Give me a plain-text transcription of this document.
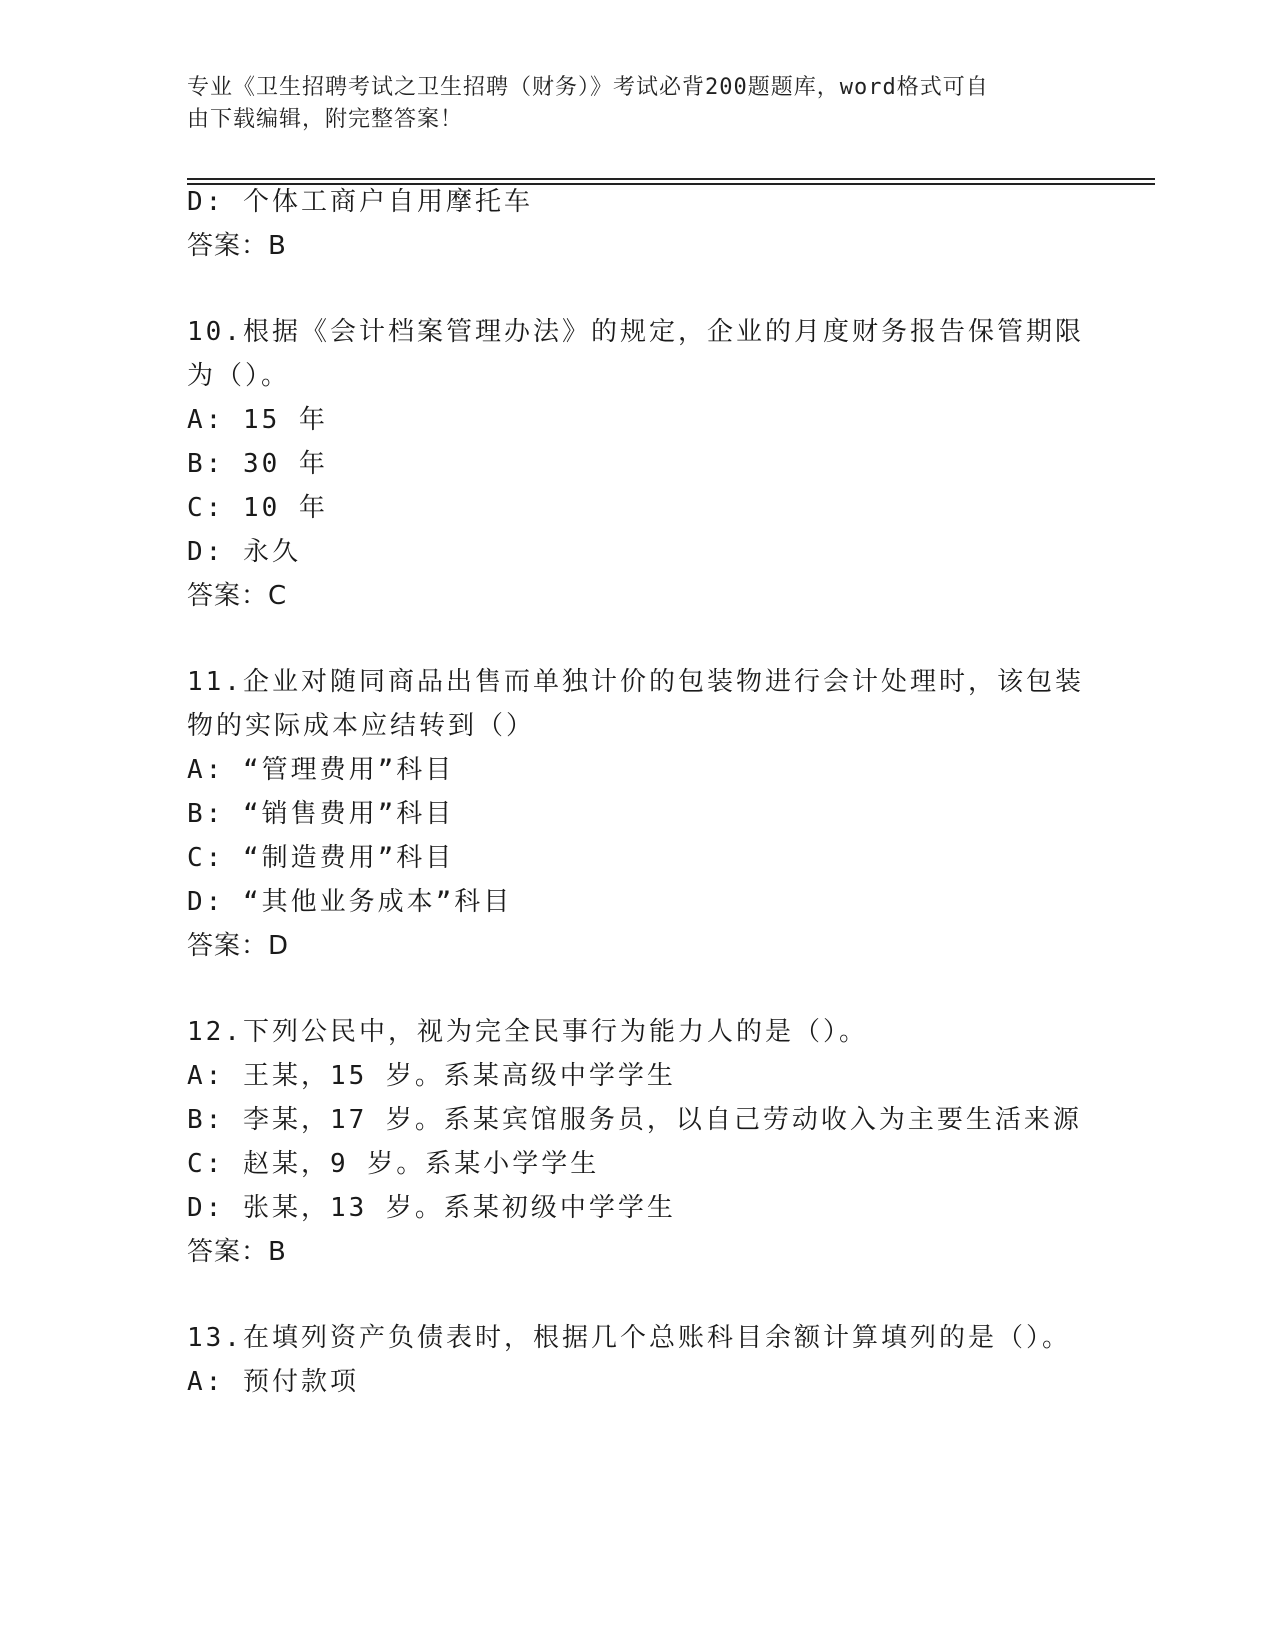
专业《卫生招聘考试之卫生招聘（财务）》考试必背200题题库，word格式可自
由下载编辑，附完整答案！
D: 个体工商户自用摩托车
答案：B
10.根据《会计档案管理办法》的规定，企业的月度财务报告保管期限
为（）。
A: 15 年
B: 30 年
C: 10 年
D: 永久
答案：C
11.企业对随同商品出售而单独计价的包装物进行会计处理时，该包装
物的实际成本应结转到（）
A: “管理费用”科目
B: “销售费用”科目
C: “制造费用”科目
D: “其他业务成本”科目
答案：D
12.下列公民中，视为完全民事行为能力人的是（）。
A: 王某，15 岁。系某高级中学学生
B: 李某，17 岁。系某宾馆服务员，以自己劳动收入为主要生活来源
C: 赵某，9 岁。系某小学学生
D: 张某，13 岁。系某初级中学学生
答案：B
13.在填列资产负债表时，根据几个总账科目余额计算填列的是（）。
A: 预付款项
